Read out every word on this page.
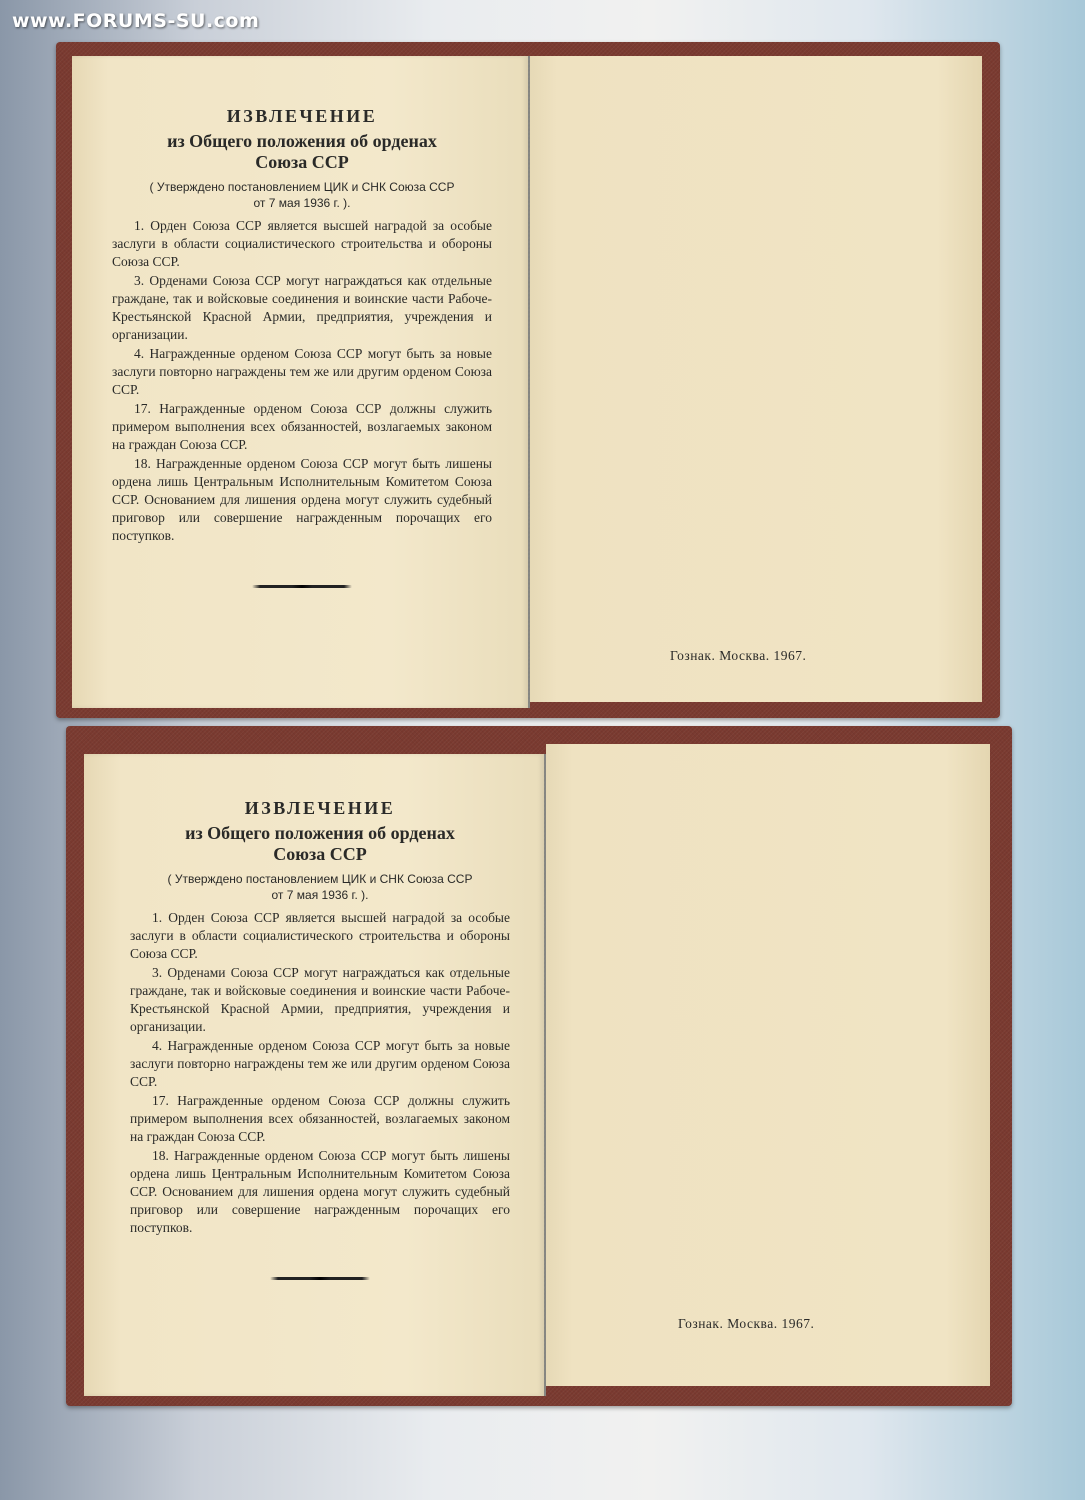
www.FORUMS-SU.com

ИЗВЛЕЧЕНИЕ

из Общего положения об орденах
Союза ССР

( Утверждено постановлением ЦИК и СНК Союза ССР
от 7 мая 1936 г. ).

1. Орден Союза ССР является высшей наградой за особые заслуги в области социалистического строительства и обороны Союза ССР.

3. Орденами Союза ССР могут награждаться как отдельные граждане, так и войсковые соединения и воинские части Рабоче-Крестьянской Красной Армии, предприятия, учреждения и организации.

4. Награжденные орденом Союза ССР могут быть за новые заслуги повторно награждены тем же или другим орденом Союза ССР.

17. Награжденные орденом Союза ССР должны служить примером выполнения всех обязанностей, возлагаемых законом на граждан Союза ССР.

18. Награжденные орденом Союза ССР могут быть лишены ордена лишь Центральным Исполнительным Комитетом Союза ССР. Основанием для лишения ордена могут служить судебный приговор или совершение награжденным порочащих его поступков.

Гознак. Москва. 1967.

ИЗВЛЕЧЕНИЕ

из Общего положения об орденах
Союза ССР

( Утверждено постановлением ЦИК и СНК Союза ССР
от 7 мая 1936 г. ).

1. Орден Союза ССР является высшей наградой за особые заслуги в области социалистического строительства и обороны Союза ССР.

3. Орденами Союза ССР могут награждаться как отдельные граждане, так и войсковые соединения и воинские части Рабоче-Крестьянской Красной Армии, предприятия, учреждения и организации.

4. Награжденные орденом Союза ССР могут быть за новые заслуги повторно награждены тем же или другим орденом Союза ССР.

17. Награжденные орденом Союза ССР должны служить примером выполнения всех обязанностей, возлагаемых законом на граждан Союза ССР.

18. Награжденные орденом Союза ССР могут быть лишены ордена лишь Центральным Исполнительным Комитетом Союза ССР. Основанием для лишения ордена могут служить судебный приговор или совершение награжденным порочащих его поступков.

Гознак. Москва. 1967.
